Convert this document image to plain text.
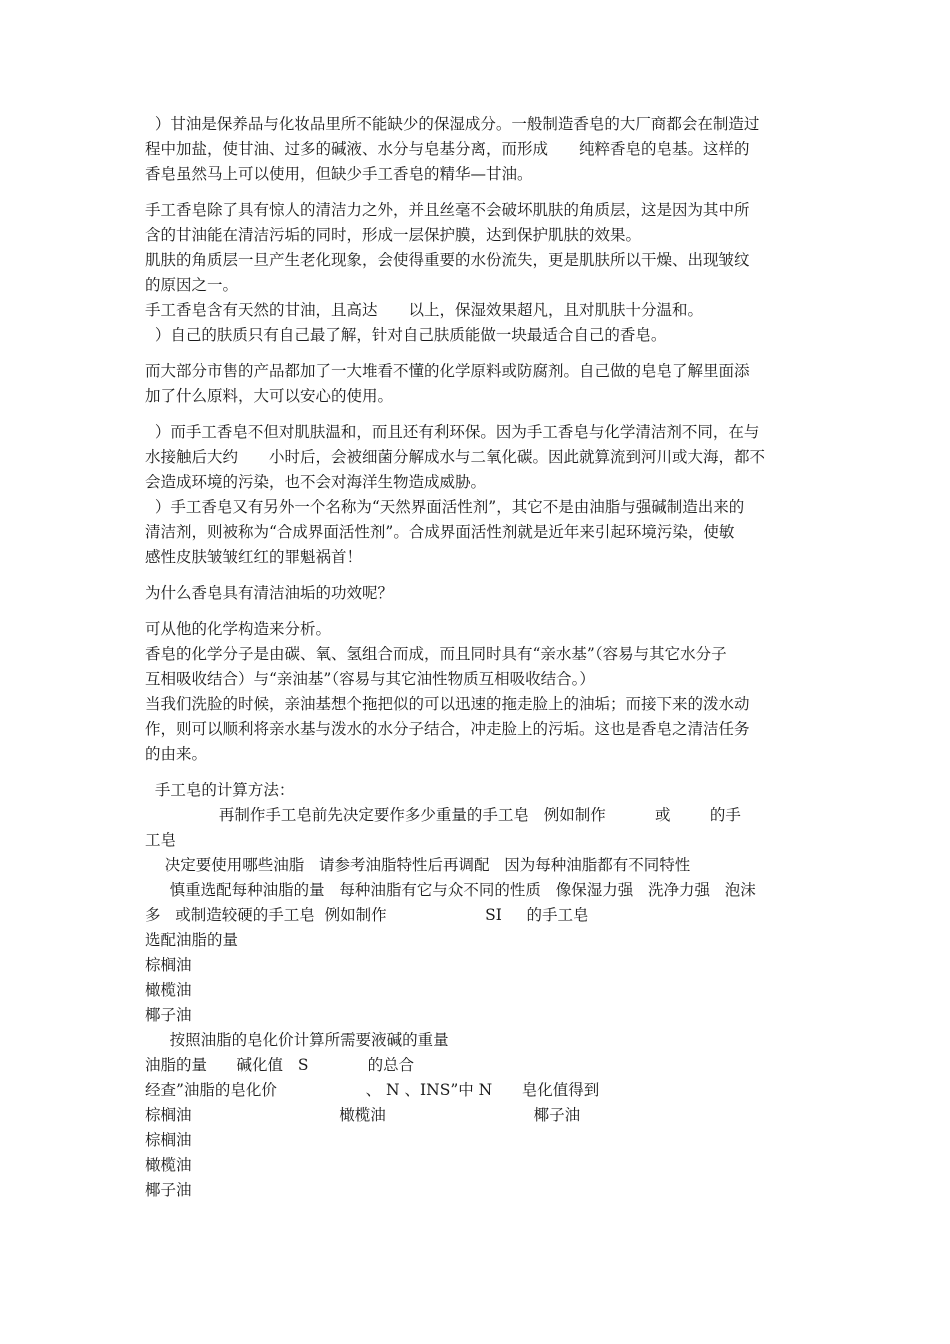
）甘油是保养品与化妆品里所不能缺少的保湿成分。一般制造香皂的大厂商都会在制造过
程中加盐，使甘油、过多的碱液、水分与皂基分离，而形成　　纯粹香皂的皂基。这样的
香皂虽然马上可以使用，但缺少手工香皂的精华—甘油。
手工香皂除了具有惊人的清洁力之外，并且丝毫不会破坏肌肤的角质层，这是因为其中所
含的甘油能在清洁污垢的同时，形成一层保护膜，达到保护肌肤的效果。
肌肤的角质层一旦产生老化现象，会使得重要的水份流失，更是肌肤所以干燥、出现皱纹
的原因之一。
手工香皂含有天然的甘油，且高达　　以上，保湿效果超凡，且对肌肤十分温和。
）自己的肤质只有自己最了解，针对自己肤质能做一块最适合自己的香皂。
而大部分市售的产品都加了一大堆看不懂的化学原料或防腐剂。自己做的皂皂了解里面添
加了什么原料，大可以安心的使用。
）而手工香皂不但对肌肤温和，而且还有利环保。因为手工香皂与化学清洁剂不同，在与
水接触后大约　　小时后，会被细菌分解成水与二氧化碳。因此就算流到河川或大海，都不
会造成环境的污染，也不会对海洋生物造成威胁。
）手工香皂又有另外一个名称为“天然界面活性剂”，其它不是由油脂与强碱制造出来的
清洁剂，则被称为“合成界面活性剂”。合成界面活性剂就是近年来引起环境污染，使敏
感性皮肤皱皱红红的罪魁祸首！
为什么香皂具有清洁油垢的功效呢？
可从他的化学构造来分析。
香皂的化学分子是由碳、氧、氢组合而成，而且同时具有“亲水基”（容易与其它水分子
互相吸收结合）与“亲油基”（容易与其它油性物质互相吸收结合。）
当我们洗脸的时候，亲油基想个拖把似的可以迅速的拖走脸上的油垢；而接下来的泼水动
作，则可以顺利将亲水基与泼水的水分子结合，冲走脸上的污垢。这也是香皂之清洁任务
的由来。
手工皂的计算方法：
再制作手工皂前先决定要作多少重量的手工皂   例如制作          或        的手
工皂
决定要使用哪些油脂   请参考油脂特性后再调配   因为每种油脂都有不同特性
慎重选配每种油脂的量   每种油脂有它与众不同的性质   像保湿力强   洗净力强   泡沫
多   或制造较硬的手工皂  例如制作                    SI     的手工皂
选配油脂的量
棕榈油
橄榄油
椰子油
按照油脂的皂化价计算所需要液碱的重量
油脂的量      碱化值   S            的总合
经查”油脂的皂化价                  、 N 、INS”中 N      皂化值得到
棕榈油                              橄榄油                              椰子油
棕榈油
橄榄油
椰子油
